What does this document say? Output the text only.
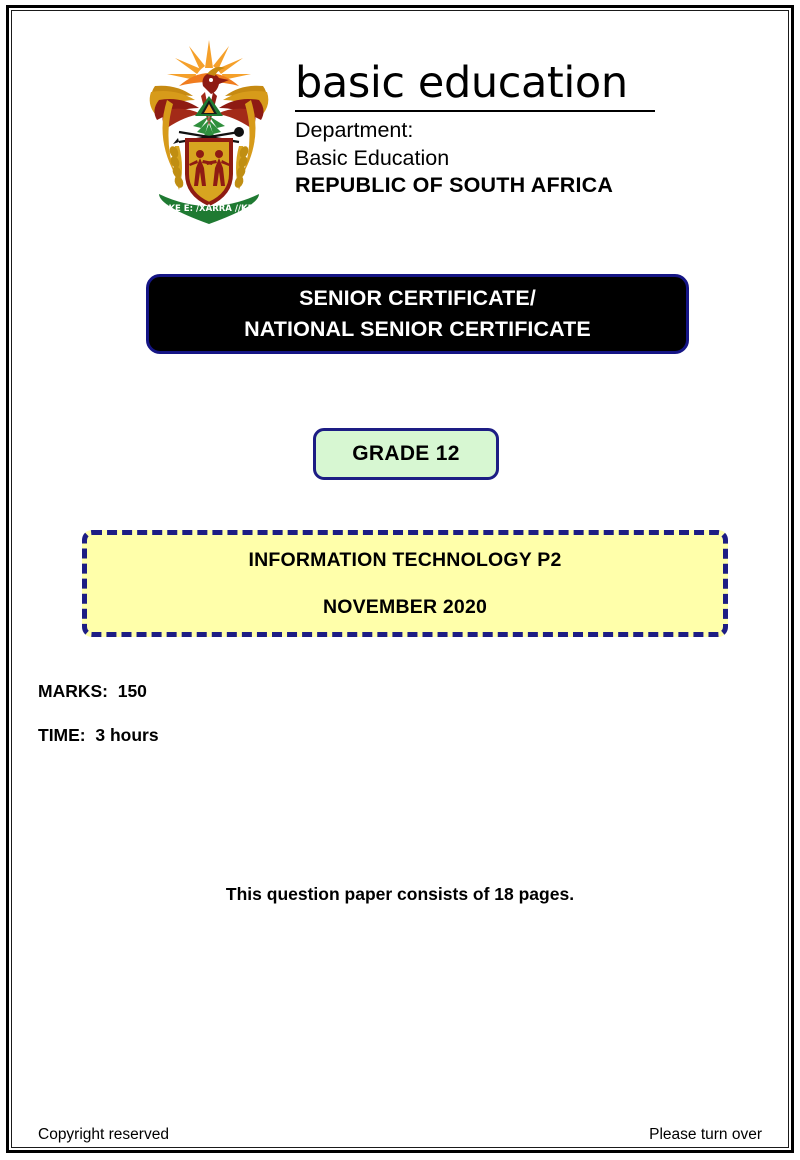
!KE E: /XARRA //KE
basic education
Department:
Basic Education
REPUBLIC OF SOUTH AFRICA
SENIOR CERTIFICATE/
NATIONAL SENIOR CERTIFICATE
GRADE 12
INFORMATION TECHNOLOGY P2
NOVEMBER 2020
MARKS:  150
TIME:  3 hours
This question paper consists of 18 pages.
Copyright reserved	Please turn over
